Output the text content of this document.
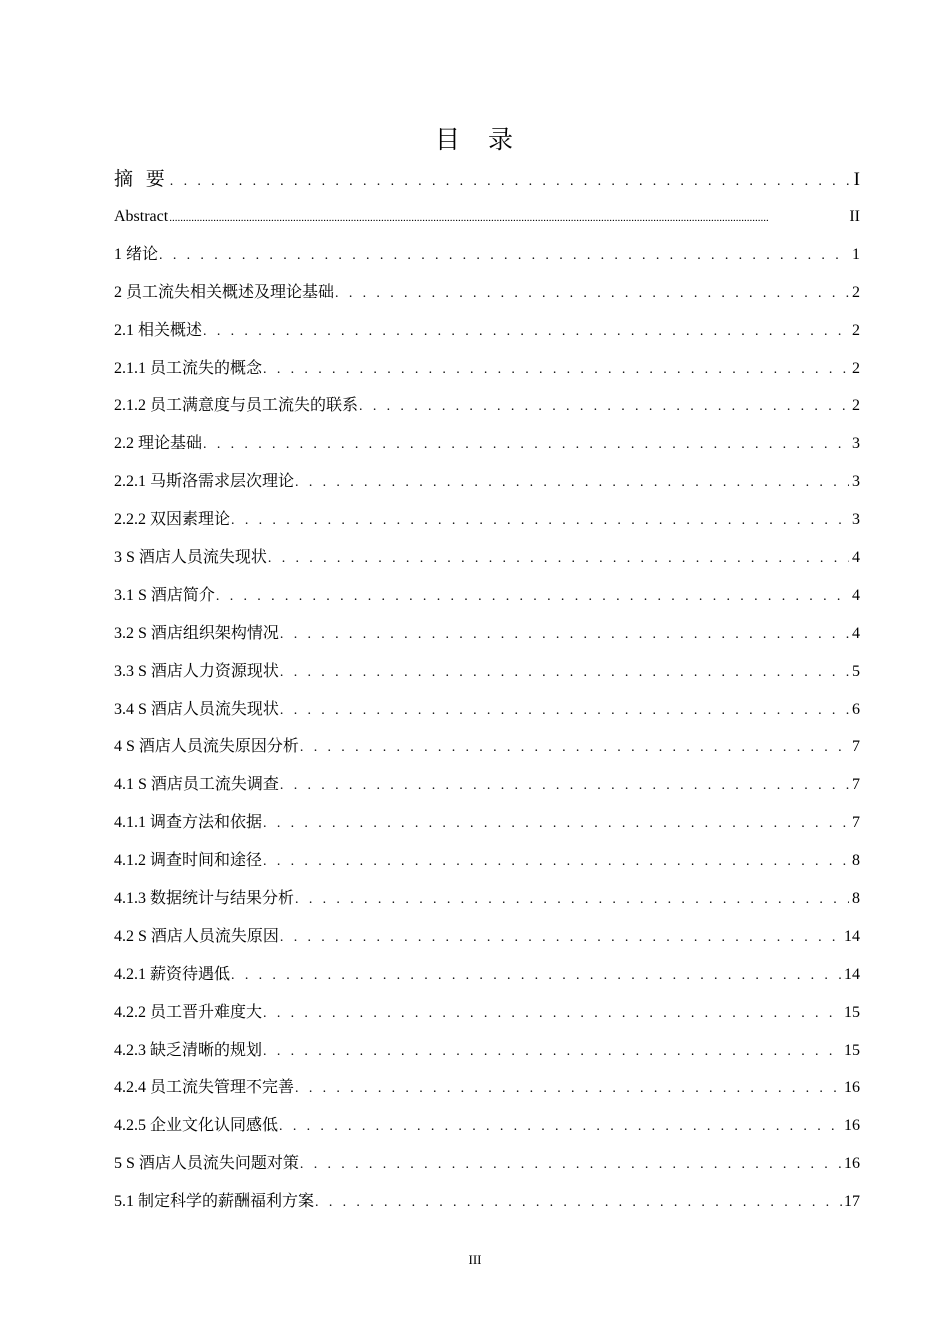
目 录
摘 要 . . .	I
Abstract .....	II
1 绪论 . . .	1
2 员工流失相关概述及理论基础 . . .	2
2.1 相关概述 . . .	2
2.1.1 员工流失的概念 . . .	2
2.1.2 员工满意度与员工流失的联系 . . .	2
2.2 理论基础 . . .	3
2.2.1 马斯洛需求层次理论 . . .	3
2.2.2 双因素理论 . . .	3
3 S 酒店人员流失现状 . . .	4
3.1 S 酒店简介 . . .	4
3.2 S 酒店组织架构情况 . . .	4
3.3 S 酒店人力资源现状 . . .	5
3.4 S 酒店人员流失现状 . . .	6
4 S 酒店人员流失原因分析 . . .	7
4.1 S 酒店员工流失调查 . . .	7
4.1.1 调查方法和依据 . . .	7
4.1.2 调查时间和途径 . . .	8
4.1.3 数据统计与结果分析 . . .	8
4.2 S 酒店人员流失原因 . . .	14
4.2.1 薪资待遇低 . . .	14
4.2.2 员工晋升难度大 . . .	15
4.2.3 缺乏清晰的规划 . . .	15
4.2.4 员工流失管理不完善 . . .	16
4.2.5 企业文化认同感低 . . .	16
5 S 酒店人员流失问题对策 . . .	16
5.1 制定科学的薪酬福利方案 . . .	17
III
